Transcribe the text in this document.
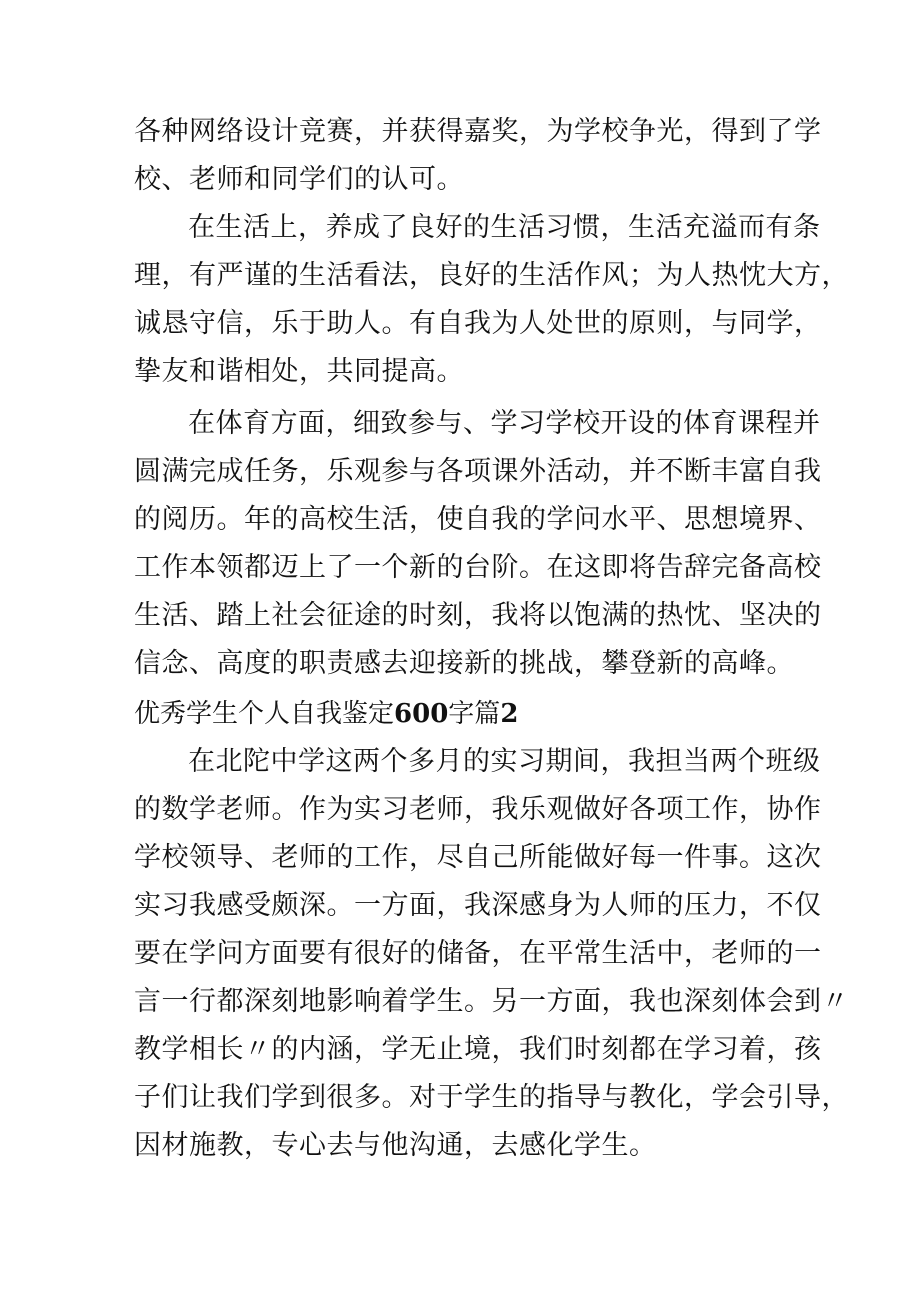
各种网络设计竞赛，并获得嘉奖，为学校争光，得到了学
校、老师和同学们的认可。
在生活上，养成了良好的生活习惯，生活充溢而有条
理，有严谨的生活看法，良好的生活作风；为人热忱大方，
诚恳守信，乐于助人。有自我为人处世的原则，与同学，
挚友和谐相处，共同提高。
在体育方面，细致参与、学习学校开设的体育课程并
圆满完成任务，乐观参与各项课外活动，并不断丰富自我
的阅历。年的高校生活，使自我的学问水平、思想境界、
工作本领都迈上了一个新的台阶。在这即将告辞完备高校
生活、踏上社会征途的时刻，我将以饱满的热忱、坚决的
信念、高度的职责感去迎接新的挑战，攀登新的高峰。
优秀学生个人自我鉴定600字篇2
在北陀中学这两个多月的实习期间，我担当两个班级
的数学老师。作为实习老师，我乐观做好各项工作，协作
学校领导、老师的工作，尽自己所能做好每一件事。这次
实习我感受颇深。一方面，我深感身为人师的压力，不仅
要在学问方面要有很好的储备，在平常生活中，老师的一
言一行都深刻地影响着学生。另一方面，我也深刻体会到〃
教学相长〃的内涵，学无止境，我们时刻都在学习着，孩
子们让我们学到很多。对于学生的指导与教化，学会引导，
因材施教，专心去与他沟通，去感化学生。
